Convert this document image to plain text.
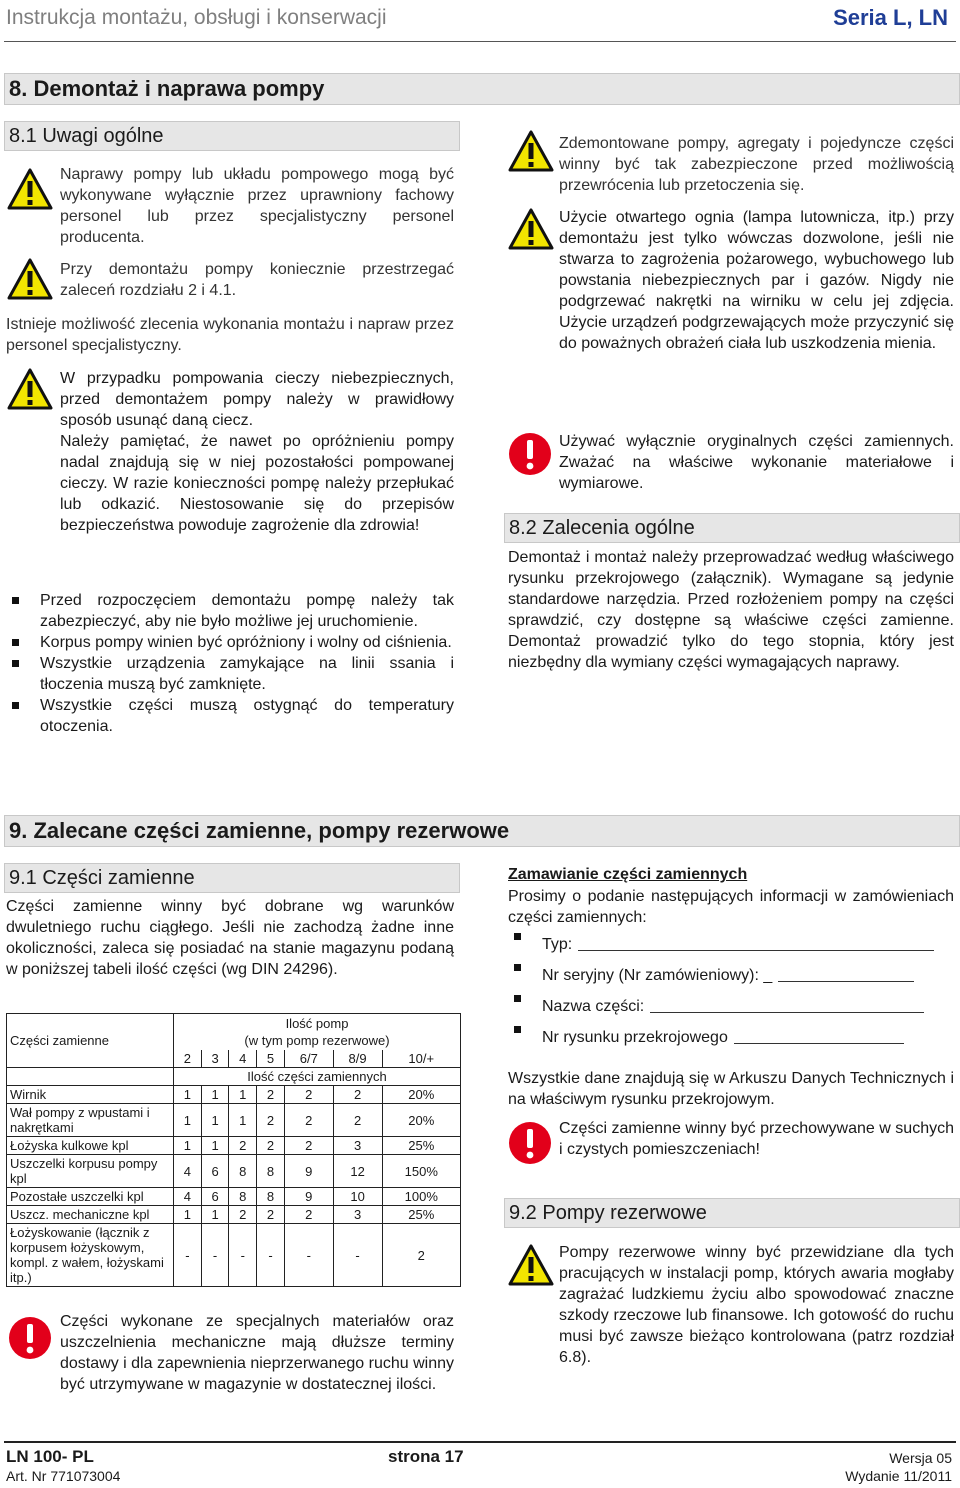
Instrukcja montażu, obsługi i konserwacji	Seria L, LN
8. Demontaż i naprawa pompy
8.1 Uwagi ogólne
Naprawy pompy lub układu pompowego mogą być wykonywane wyłącznie przez uprawniony fachowy personel lub przez specjalistyczny personel producenta.
Przy demontażu pompy koniecznie przestrzegać zaleceń rozdziału 2 i 4.1.
Istnieje możliwość zlecenia wykonania montażu i napraw przez personel specjalistyczny.
W przypadku pompowania cieczy niebezpiecznych, przed demontażem pompy należy w prawidłowy sposób usunąć daną ciecz.
Należy pamiętać, że nawet po opróżnieniu pompy nadal znajdują się w niej pozostałości pompowanej cieczy. W razie konieczności pompę należy przepłukać lub odkazić. Niestosowanie się do przepisów bezpieczeństwa powoduje zagrożenie dla zdrowia!
Przed rozpoczęciem demontażu pompę należy tak zabezpieczyć, aby nie było możliwe jej uruchomienie.
Korpus pompy winien być opróżniony i wolny od ciśnienia.
Wszystkie urządzenia zamykające na linii ssania i tłoczenia muszą być zamknięte.
Wszystkie części muszą ostygnąć do temperatury otoczenia.
Zdemontowane pompy, agregaty i pojedyncze części winny być tak zabezpieczone przed możliwością przewrócenia lub przetoczenia się.
Użycie otwartego ognia (lampa lutownicza, itp.) przy demontażu jest tylko wówczas dozwolone, jeśli nie stwarza to zagrożenia pożarowego, wybuchowego lub powstania niebezpiecznych par i gazów. Nigdy nie podgrzewać nakrętki na wirniku w celu jej zdjęcia. Użycie urządzeń podgrzewających może przyczynić się do poważnych obrażeń ciała lub uszkodzenia mienia.
Używać wyłącznie oryginalnych części zamiennych. Zważać na właściwe wykonanie materiałowe i wymiarowe.
8.2 Zalecenia ogólne
Demontaż i montaż należy przeprowadzać według właściwego rysunku przekrojowego (załącznik). Wymagane są jedynie standardowe narzędzia. Przed rozłożeniem pompy na części sprawdzić, czy dostępne są właściwe części zamienne. Demontaż prowadzić tylko do tego stopnia, który jest niezbędny dla wymiany części wymagających naprawy.
9. Zalecane części zamienne, pompy rezerwowe
9.1 Części zamienne
Części zamienne winny być dobrane wg warunków dwuletniego ruchu ciągłego. Jeśli nie zachodzą żadne inne okoliczności, zaleca się posiadać na stanie magazynu podaną w poniższej tabeli ilość części (wg DIN 24296).
Części zamienne	Ilość pomp
(w tym pomp rezerwowe)						
	2	3	4	5	6/7	8/9	10/+
	Ilość części zamiennych						
Wirnik	1	1	1	2	2	2	20%
Wał pompy z wpustami i nakrętkami	1	1	1	2	2	2	20%
Łożyska kulkowe kpl	1	1	2	2	2	3	25%
Uszczelki korpusu pompy kpl	4	6	8	8	9	12	150%
Pozostałe uszczelki kpl	4	6	8	8	9	10	100%
Uszcz. mechaniczne kpl	1	1	2	2	2	3	25%
Łożyskowanie (łącznik z korpusem łożyskowym, kompl. z wałem, łożyskami itp.)	-	-	-	-	-	-	2
Części wykonane ze specjalnych materiałów oraz uszczelnienia mechaniczne mają dłuższe terminy dostawy i dla zapewnienia nieprzerwanego ruchu winny być utrzymywane w magazynie w dostatecznej ilości.
Zamawianie części zamiennych
Prosimy o podanie następujących informacji w zamówieniach części zamiennych:
Typ:
Nr seryjny (Nr zamówieniowy): _
Nazwa części:
Nr rysunku przekrojowego
Wszystkie dane znajdują się w Arkuszu Danych Technicznych i na właściwym rysunku przekrojowym.
Części zamienne winny być przechowywane w suchych i czystych pomieszczeniach!
9.2 Pompy rezerwowe
Pompy rezerwowe winny być przewidziane dla tych pracujących w instalacji pomp, których awaria mogłaby zagrażać ludzkiemu życiu albo spowodować znaczne szkody rzeczowe lub finansowe. Ich gotowość do ruchu musi być zawsze bieżąco kontrolowana (patrz rozdział 6.8).
LN 100- PL	strona 17	Wersja 05
Art. Nr 771073004	Wydanie 11/2011
